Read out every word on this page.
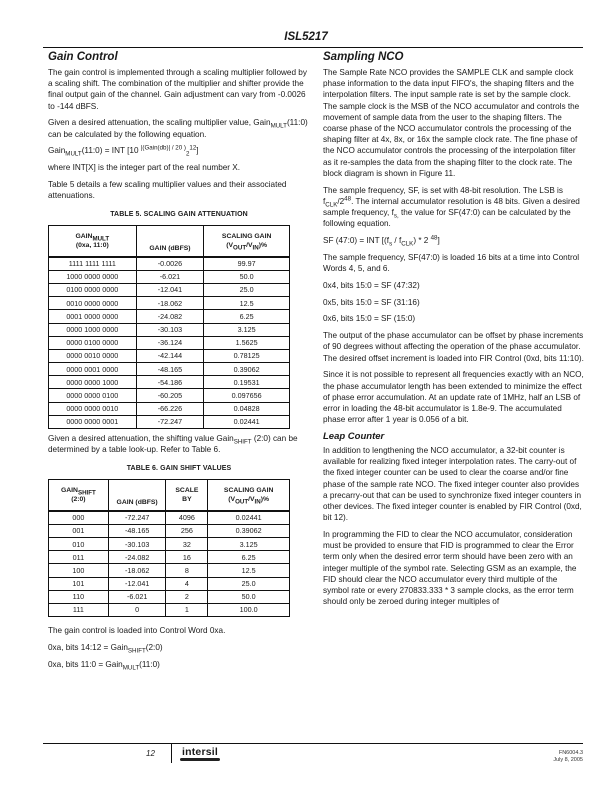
ISL5217
Gain Control

The gain control is implemented through a scaling multiplier followed by a scaling shift. The combination of the multiplier and shifter provide the final output gain of the channel. Gain adjustment can vary from -0.0026 to -144 dBFS.

Given a desired attenuation, the scaling multiplier value, Gain$_{MULT}$(11:0) can be calculated by the following equation.

Gain$_{MULT}$(11:0) = INT [10 $^{|(Gain(db)| / 20 )}_2^{12}$]

where INT[X] is the integer part of the real number X.

Table 5 details a few scaling multiplier values and their associated attenuations.

TABLE 5. SCALING GAIN ATTENUATION
$GAIN_{MULT}$
(0xa, 11:0)	GAIN (dBFS)	SCALING GAIN
$(V_{OUT}/V_{IN})\%$
1111 1111 1111	-0.0026	99.97
1000 0000 0000	-6.021	50.0
0100 0000 0000	-12.041	25.0
0010 0000 0000	-18.062	12.5
0001 0000 0000	-24.082	6.25
0000 1000 0000	-30.103	3.125
0000 0100 0000	-36.124	1.5625
0000 0010 0000	-42.144	0.78125
0000 0001 0000	-48.165	0.39062
0000 0000 1000	-54.186	0.19531
0000 0000 0100	-60.205	0.097656
0000 0000 0010	-66.226	0.04828
0000 0000 0001	-72.247	0.02441

Given a desired attenuation, the shifting value Gain$_{SHIFT}$ (2:0) can be determined by a table look-up. Refer to Table 6.

TABLE 6. GAIN SHIFT VALUES
$GAIN_{SHIFT}$
(2:0)	GAIN (dBFS)	SCALE
BY	SCALING GAIN
$(V_{OUT}/V_{IN})\%$
000	-72.247	4096	0.02441
001	-48.165	256	0.39062
010	-30.103	32	3.125
011	-24.082	16	6.25
100	-18.062	8	12.5
101	-12.041	4	25.0
110	-6.021	2	50.0
111	0	1	100.0

The gain control is loaded into Control Word 0xa.

0xa, bits 14:12 = Gain$_{SHIFT}$(2:0)

0xa, bits 11:0 = Gain$_{MULT}$(11:0)

Sampling NCO

The Sample Rate NCO provides the SAMPLE CLK and sample clock phase information to the data input FIFO's, the shaping filters and the interpolation filters. The input sample rate is set by the sample clock. The sample clock is the MSB of the NCO accumulator and controls the movement of sample data from the user to the shaping filters. The coarse phase of the NCO accumulator controls the processing of the shaping filter at 4x, 8x, or 16x the sample clock rate. The fine phase of the NCO accumulator controls the processing of the interpolation filter as it re-samples the data from the shaping filter to the clock rate. The block diagram is shown in Figure 11.

The sample frequency, SF, is set with 48-bit resolution. The LSB is $f_{CLK}/2^{48}$. The internal accumulator resolution is 48 bits. Given a desired sample frequency, $f_{s,}$ the value for SF(47:0) can be calculated by the following equation.

SF (47:0) = INT [$(f_s / f_{CLK}) * 2$ $^{48}$]

The sample frequency, SF(47:0) is loaded 16 bits at a time into Control Words 4, 5, and 6.

0x4, bits 15:0 = SF (47:32)

0x5, bits 15:0 = SF (31:16)

0x6, bits 15:0 = SF (15:0)

The output of the phase accumulator can be offset by phase increments of 90 degrees without affecting the operation of the phase accumulator. The desired offset increment is loaded into FIR Control (0xd, bits 11:10).

Since it is not possible to represent all frequencies exactly with an NCO, the phase accumulator length has been extended to minimize the effect of phase error accumulation. At an update rate of 1MHz, half an LSB of error in loading the 48-bit accumulator is 1.8e-9. The accumulated phase error after 1 year is 0.056 of a bit.

Leap Counter

In addition to lengthening the NCO accumulator, a 32-bit counter is available for realizing fixed integer interpolation rates. The carry-out of the fixed integer counter can be used to clear the coarse and/or fine phase of the sample rate NCO. The fixed integer counter also provides a precarry-out that can be used to synchronize fixed integer counters in other devices. The fixed integer counter is enabled by FIR Control (0xd, bit 12).

In programming the FID to clear the NCO accumulator, consideration must be provided to ensure that FID is programmed to clear the Error term only when the desired error term should have been zero with an integer multiple of the symbol rate. Selecting GSM as an example, the FID should clear the NCO accumulator every third multiple of the symbol rate or every 270833.333 * 3 sample clocks, as the error term should only be zeroed during integer multiples of

12	intersil	FN6004.3
July 8, 2005
